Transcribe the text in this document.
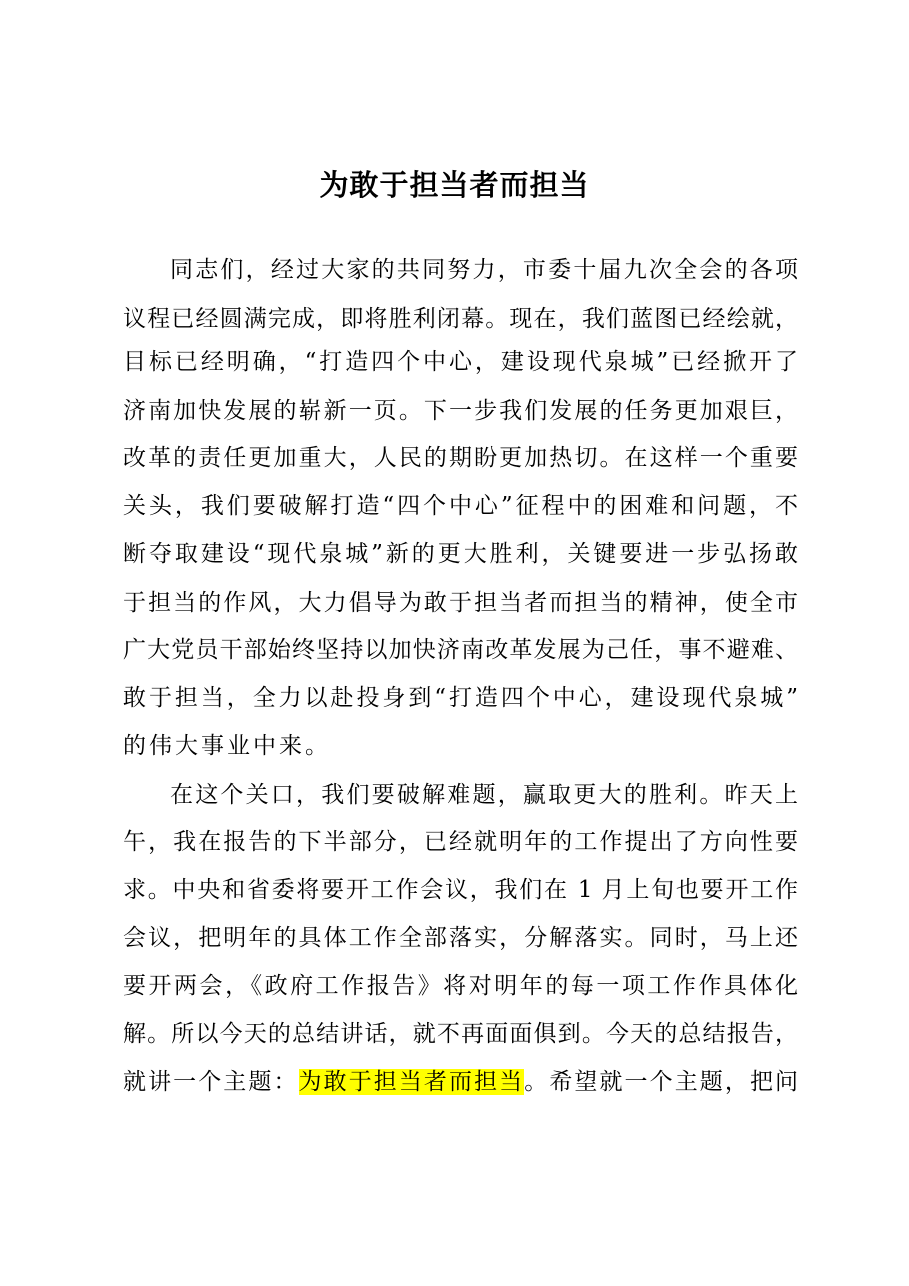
为敢于担当者而担当
同志们，经过大家的共同努力，市委十届九次全会的各项
议程已经圆满完成，即将胜利闭幕。现在，我们蓝图已经绘就，
目标已经明确，“打造四个中心，建设现代泉城”已经掀开了
济南加快发展的崭新一页。下一步我们发展的任务更加艰巨，
改革的责任更加重大，人民的期盼更加热切。在这样一个重要
关头，我们要破解打造“四个中心”征程中的困难和问题，不
断夺取建设“现代泉城”新的更大胜利，关键要进一步弘扬敢
于担当的作风，大力倡导为敢于担当者而担当的精神，使全市
广大党员干部始终坚持以加快济南改革发展为己任，事不避难、
敢于担当，全力以赴投身到“打造四个中心，建设现代泉城”
的伟大事业中来。
在这个关口，我们要破解难题，赢取更大的胜利。昨天上
午，我在报告的下半部分，已经就明年的工作提出了方向性要
求。中央和省委将要开工作会议，我们在 1 月上旬也要开工作
会议，把明年的具体工作全部落实，分解落实。同时，马上还
要开两会，《政府工作报告》将对明年的每一项工作作具体化
解。所以今天的总结讲话，就不再面面俱到。今天的总结报告，
就讲一个主题：为敢于担当者而担当。希望就一个主题，把问
